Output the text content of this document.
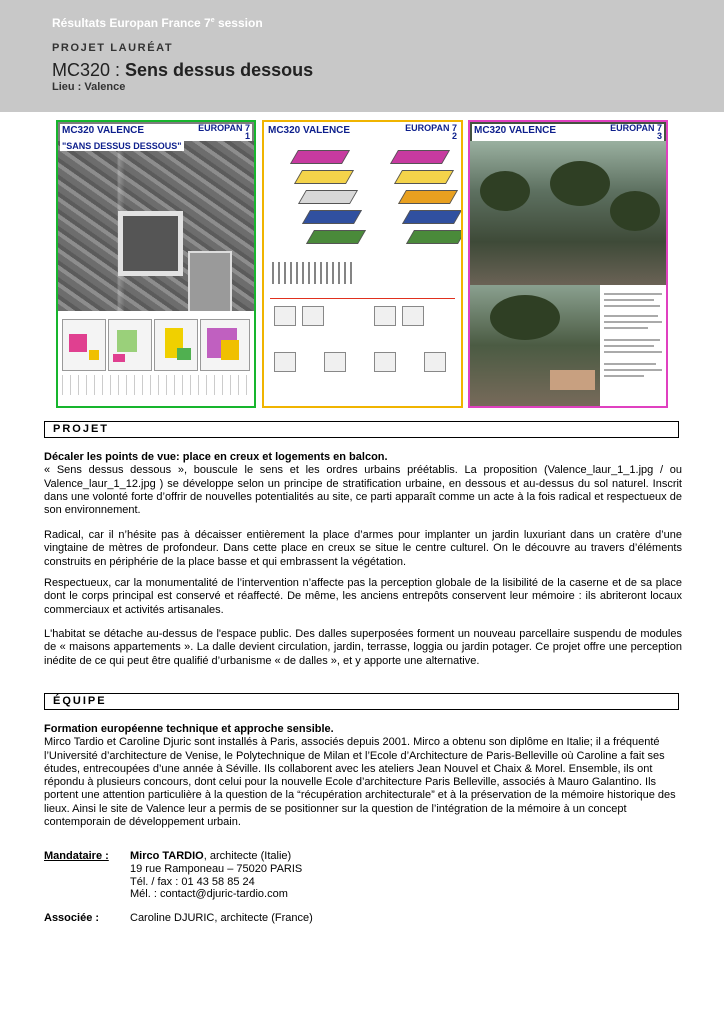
Résultats Europan France 7e session
PROJET LAURÉAT
MC320 : Sens dessus dessous
Lieu : Valence
MC320 VALENCE	EUROPAN 7
1
"SANS DESSUS DESSOUS"
MC320 VALENCE	EUROPAN 7
2 MC320 VALENCE	EUROPAN 7
3
PROJET
Décaler les points de vue: place en creux et logements en balcon.
« Sens dessus dessous », bouscule le sens et les ordres urbains préétablis. La proposition (Valence_laur_1_1.jpg / ou Valence_laur_1_12.jpg ) se développe selon un principe de stratification urbaine, en dessous et au-dessus du sol naturel. Inscrit dans une volonté forte d’offrir de nouvelles potentialités au site, ce parti apparaît comme un acte à la fois radical et respectueux de son environnement.
Radical, car il n’hésite pas à décaisser entièrement la place d’armes pour implanter un jardin luxuriant dans un cratère d’une vingtaine de mètres de profondeur. Dans cette place en creux se situe le centre culturel. On le découvre au travers d’éléments construits en périphérie de la place basse et qui embrassent la végétation.
Respectueux, car la monumentalité de l’intervention n’affecte pas la perception globale de la lisibilité de la caserne et de sa place dont le corps principal est conservé et réaffecté. De même, les anciens entrepôts conservent leur mémoire : ils abriteront locaux commerciaux et activités artisanales.
L'habitat se détache au-dessus de l'espace public. Des dalles superposées forment un nouveau parcellaire suspendu de modules de « maisons appartements ». La dalle devient circulation, jardin, terrasse, loggia ou jardin potager. Ce projet offre une perception inédite de ce qui peut être qualifié d’urbanisme « de dalles », et y apporte une alternative.
ÉQUIPE
Formation européenne technique et approche sensible.
Mirco Tardio et Caroline Djuric sont installés à Paris, associés depuis 2001. Mirco a obtenu son diplôme en Italie; il a fréquenté l’Université d’architecture de Venise, le Polytechnique de Milan et l’Ecole d’Architecture de Paris-Belleville où Caroline a fait ses études, entrecoupées d’une année à Séville. Ils collaborent avec les ateliers Jean Nouvel et Chaix & Morel. Ensemble, ils ont répondu à plusieurs concours, dont celui pour la nouvelle Ecole d’architecture Paris Belleville, associés à Mauro Galantino. Ils portent une attention particulière à la question de la “récupération architecturale” et à la préservation de la mémoire historique des lieux. Ainsi le site de Valence leur a permis de se positionner sur la question de l’intégration de la mémoire à un concept contemporain de développement urbain.
Mandataire : Mirco TARDIO, architecte (Italie)
19 rue Ramponeau – 75020 PARIS
Tél. / fax : 01 43 58 85 24
Mél. : contact@djuric-tardio.com
Associée :	Caroline DJURIC, architecte (France)
